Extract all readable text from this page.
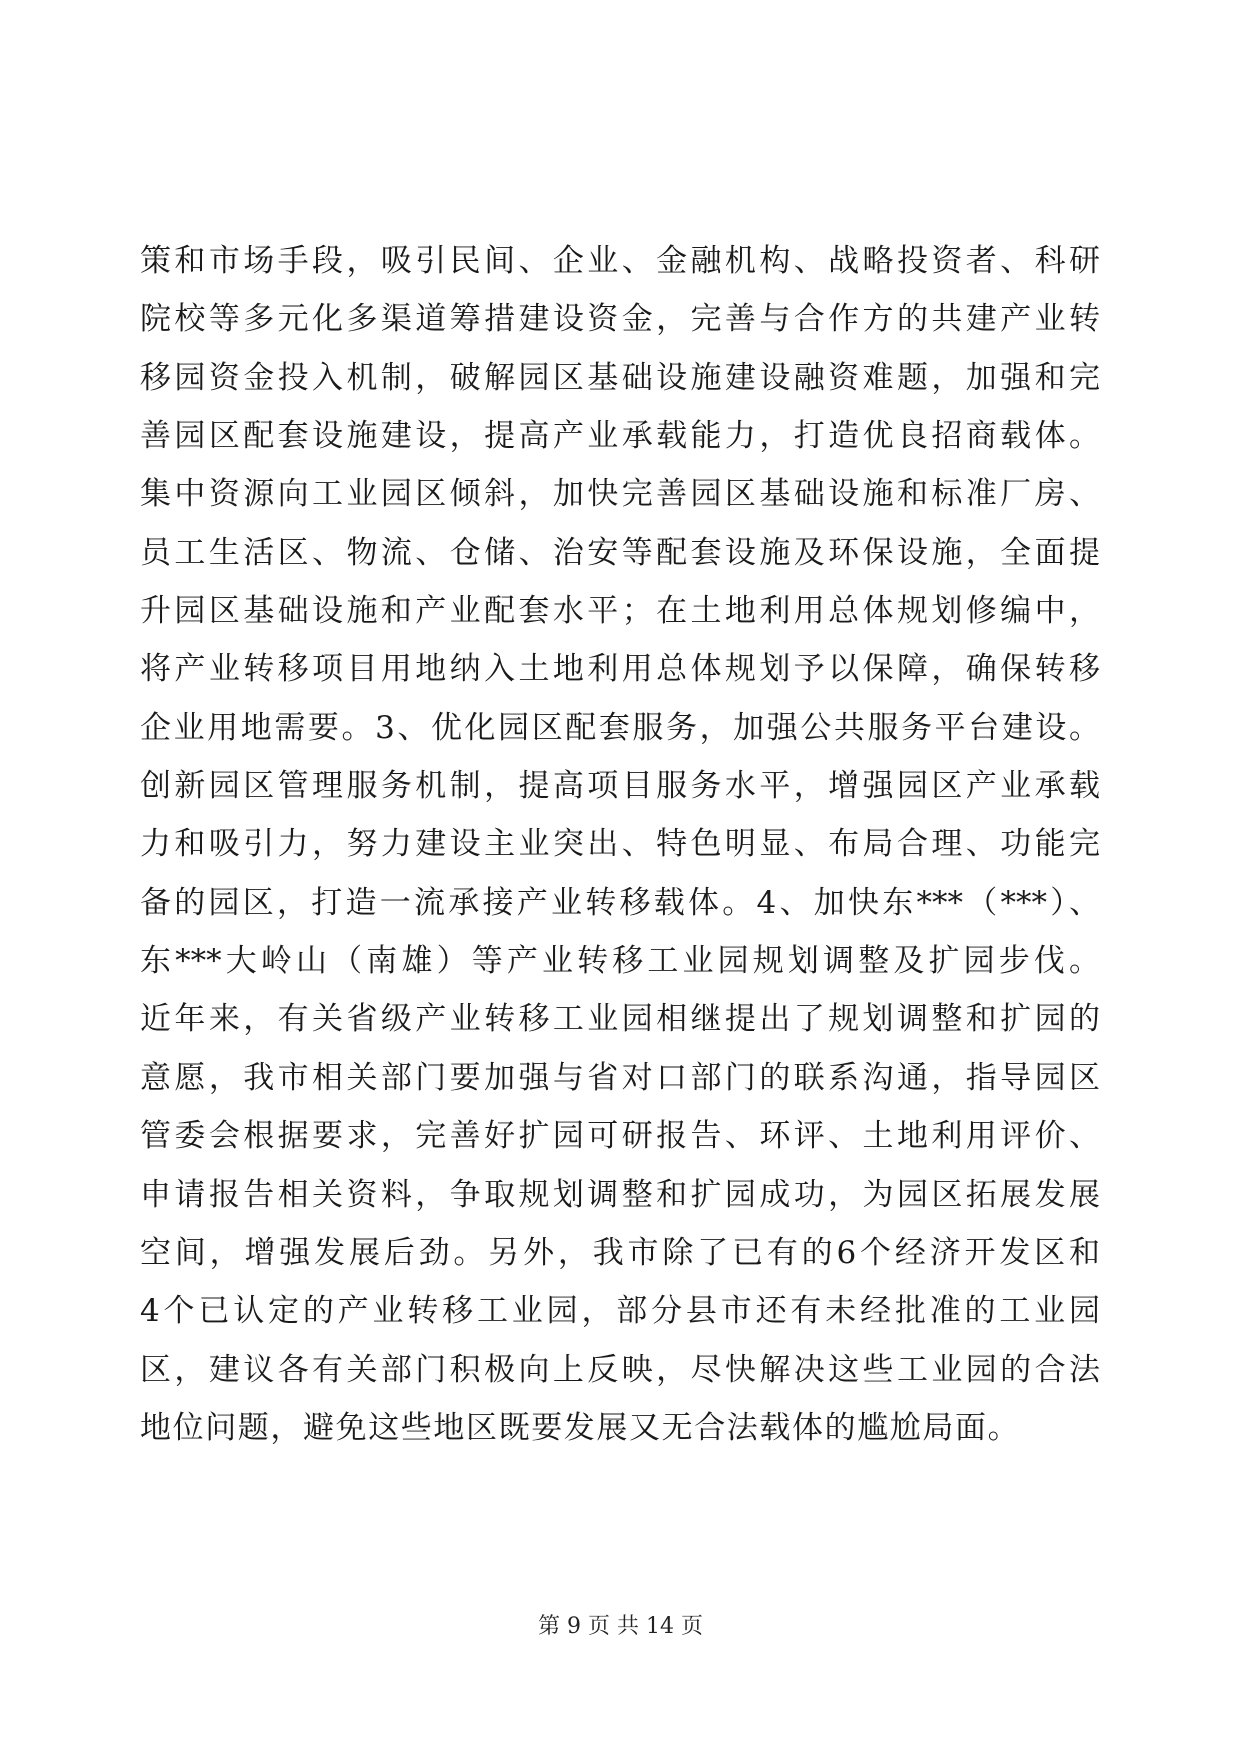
策和市场手段，吸引民间、企业、金融机构、战略投资者、科研
院校等多元化多渠道筹措建设资金，完善与合作方的共建产业转
移园资金投入机制，破解园区基础设施建设融资难题，加强和完
善园区配套设施建设，提高产业承载能力，打造优良招商载体。
集中资源向工业园区倾斜，加快完善园区基础设施和标准厂房、
员工生活区、物流、仓储、治安等配套设施及环保设施，全面提
升园区基础设施和产业配套水平；在土地利用总体规划修编中，
将产业转移项目用地纳入土地利用总体规划予以保障，确保转移
企业用地需要。3、优化园区配套服务，加强公共服务平台建设。
创新园区管理服务机制，提高项目服务水平，增强园区产业承载
力和吸引力，努力建设主业突出、特色明显、布局合理、功能完
备的园区，打造一流承接产业转移载体。4、加快东***（***）、
东***大岭山（南雄）等产业转移工业园规划调整及扩园步伐。
近年来，有关省级产业转移工业园相继提出了规划调整和扩园的
意愿，我市相关部门要加强与省对口部门的联系沟通，指导园区
管委会根据要求，完善好扩园可研报告、环评、土地利用评价、
申请报告相关资料，争取规划调整和扩园成功，为园区拓展发展
空间，增强发展后劲。另外，我市除了已有的6个经济开发区和
4个已认定的产业转移工业园，部分县市还有未经批准的工业园
区，建议各有关部门积极向上反映，尽快解决这些工业园的合法
地位问题，避免这些地区既要发展又无合法载体的尴尬局面。
第 9 页 共 14 页
